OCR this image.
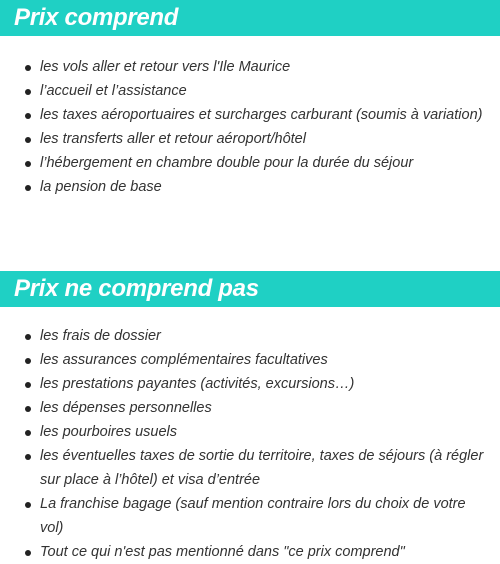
Prix comprend
les vols aller et retour vers l'Ile Maurice
l’accueil et l’assistance
les taxes aéroportuaires et surcharges carburant (soumis à variation)
les transferts aller et retour aéroport/hôtel
l’hébergement en chambre double pour la durée du séjour
la pension de base
Prix ne comprend pas
les frais de dossier
les assurances complémentaires facultatives
les prestations payantes (activités, excursions…)
les dépenses personnelles
les pourboires usuels
les éventuelles taxes de sortie du territoire, taxes de séjours (à régler sur place à l’hôtel) et visa d’entrée
La franchise bagage (sauf mention contraire lors du choix de votre vol)
Tout ce qui n'est pas mentionné dans "ce prix comprend"
